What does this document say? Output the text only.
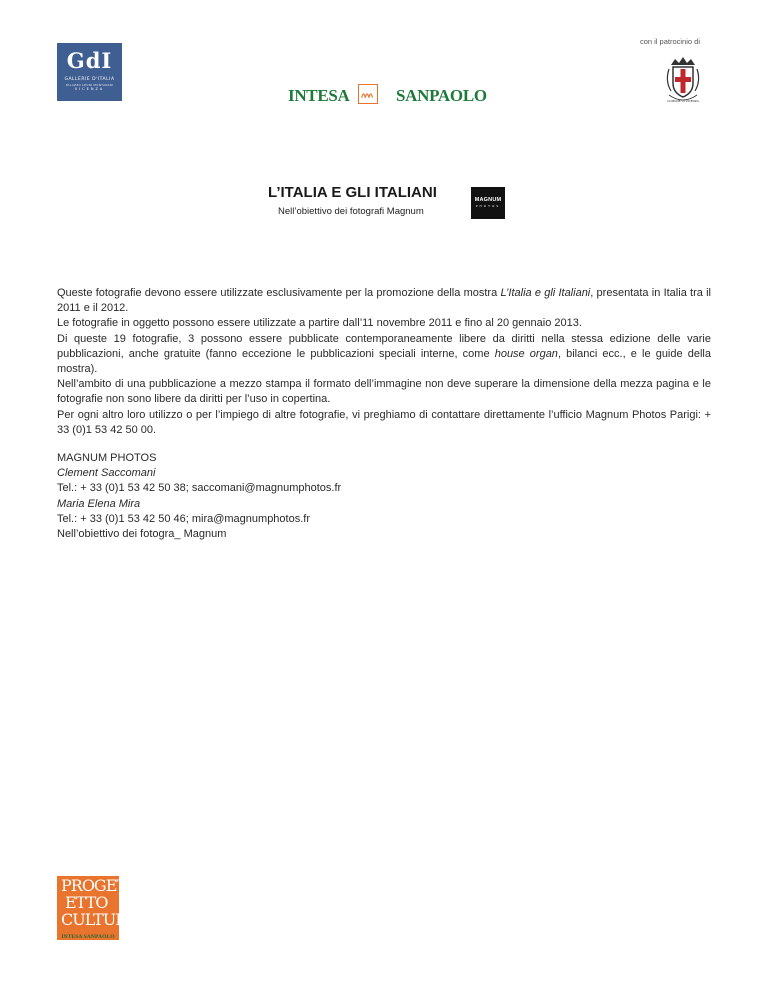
GdI
GALLERIE D'ITALIA
PALAZZO LEONI MONTANARI
VICENZA
con il patrocinio di
COMUNE DI VICENZA
INTESA	SANPAOLO
L’ITALIA E GLI ITALIANI
Nell’obiettivo dei fotografi Magnum
MAGNUM
PHOTOS

Queste fotografie devono essere utilizzate esclusivamente per la promozione della mostra L’Italia e gli Italiani, presentata in Italia tra il 2011 e il 2012.

Le fotografie in oggetto possono essere utilizzate a partire dall’11 novembre 2011 e fino al 20 gennaio 2013.

Di queste 19 fotografie, 3 possono essere pubblicate contemporaneamente libere da diritti nella stessa edizione delle varie pubblicazioni, anche gratuite (fanno eccezione le pubblicazioni speciali interne, come house organ, bilanci ecc., e le guide della mostra).

Nell’ambito di una pubblicazione a mezzo stampa il formato dell’immagine non deve superare la dimensione della mezza pagina e le fotografie non sono libere da diritti per l’uso in copertina.

Per ogni altro loro utilizzo o per l’impiego di altre fotografie, vi preghiamo di contattare direttamente l’ufficio Magnum Photos Parigi: + 33 (0)1 53 42 50 00.

MAGNUM PHOTOS
Clement Saccomani
Tel.: + 33 (0)1 53 42 50 38; saccomani@magnumphotos.fr
Maria Elena Mira
Tel.: + 33 (0)1 53 42 50 46; mira@magnumphotos.fr
Nell’obiettivo dei fotogra_ Magnum
PROGETTO
ETTO
CULTURA
INTESA SANPAOLO
